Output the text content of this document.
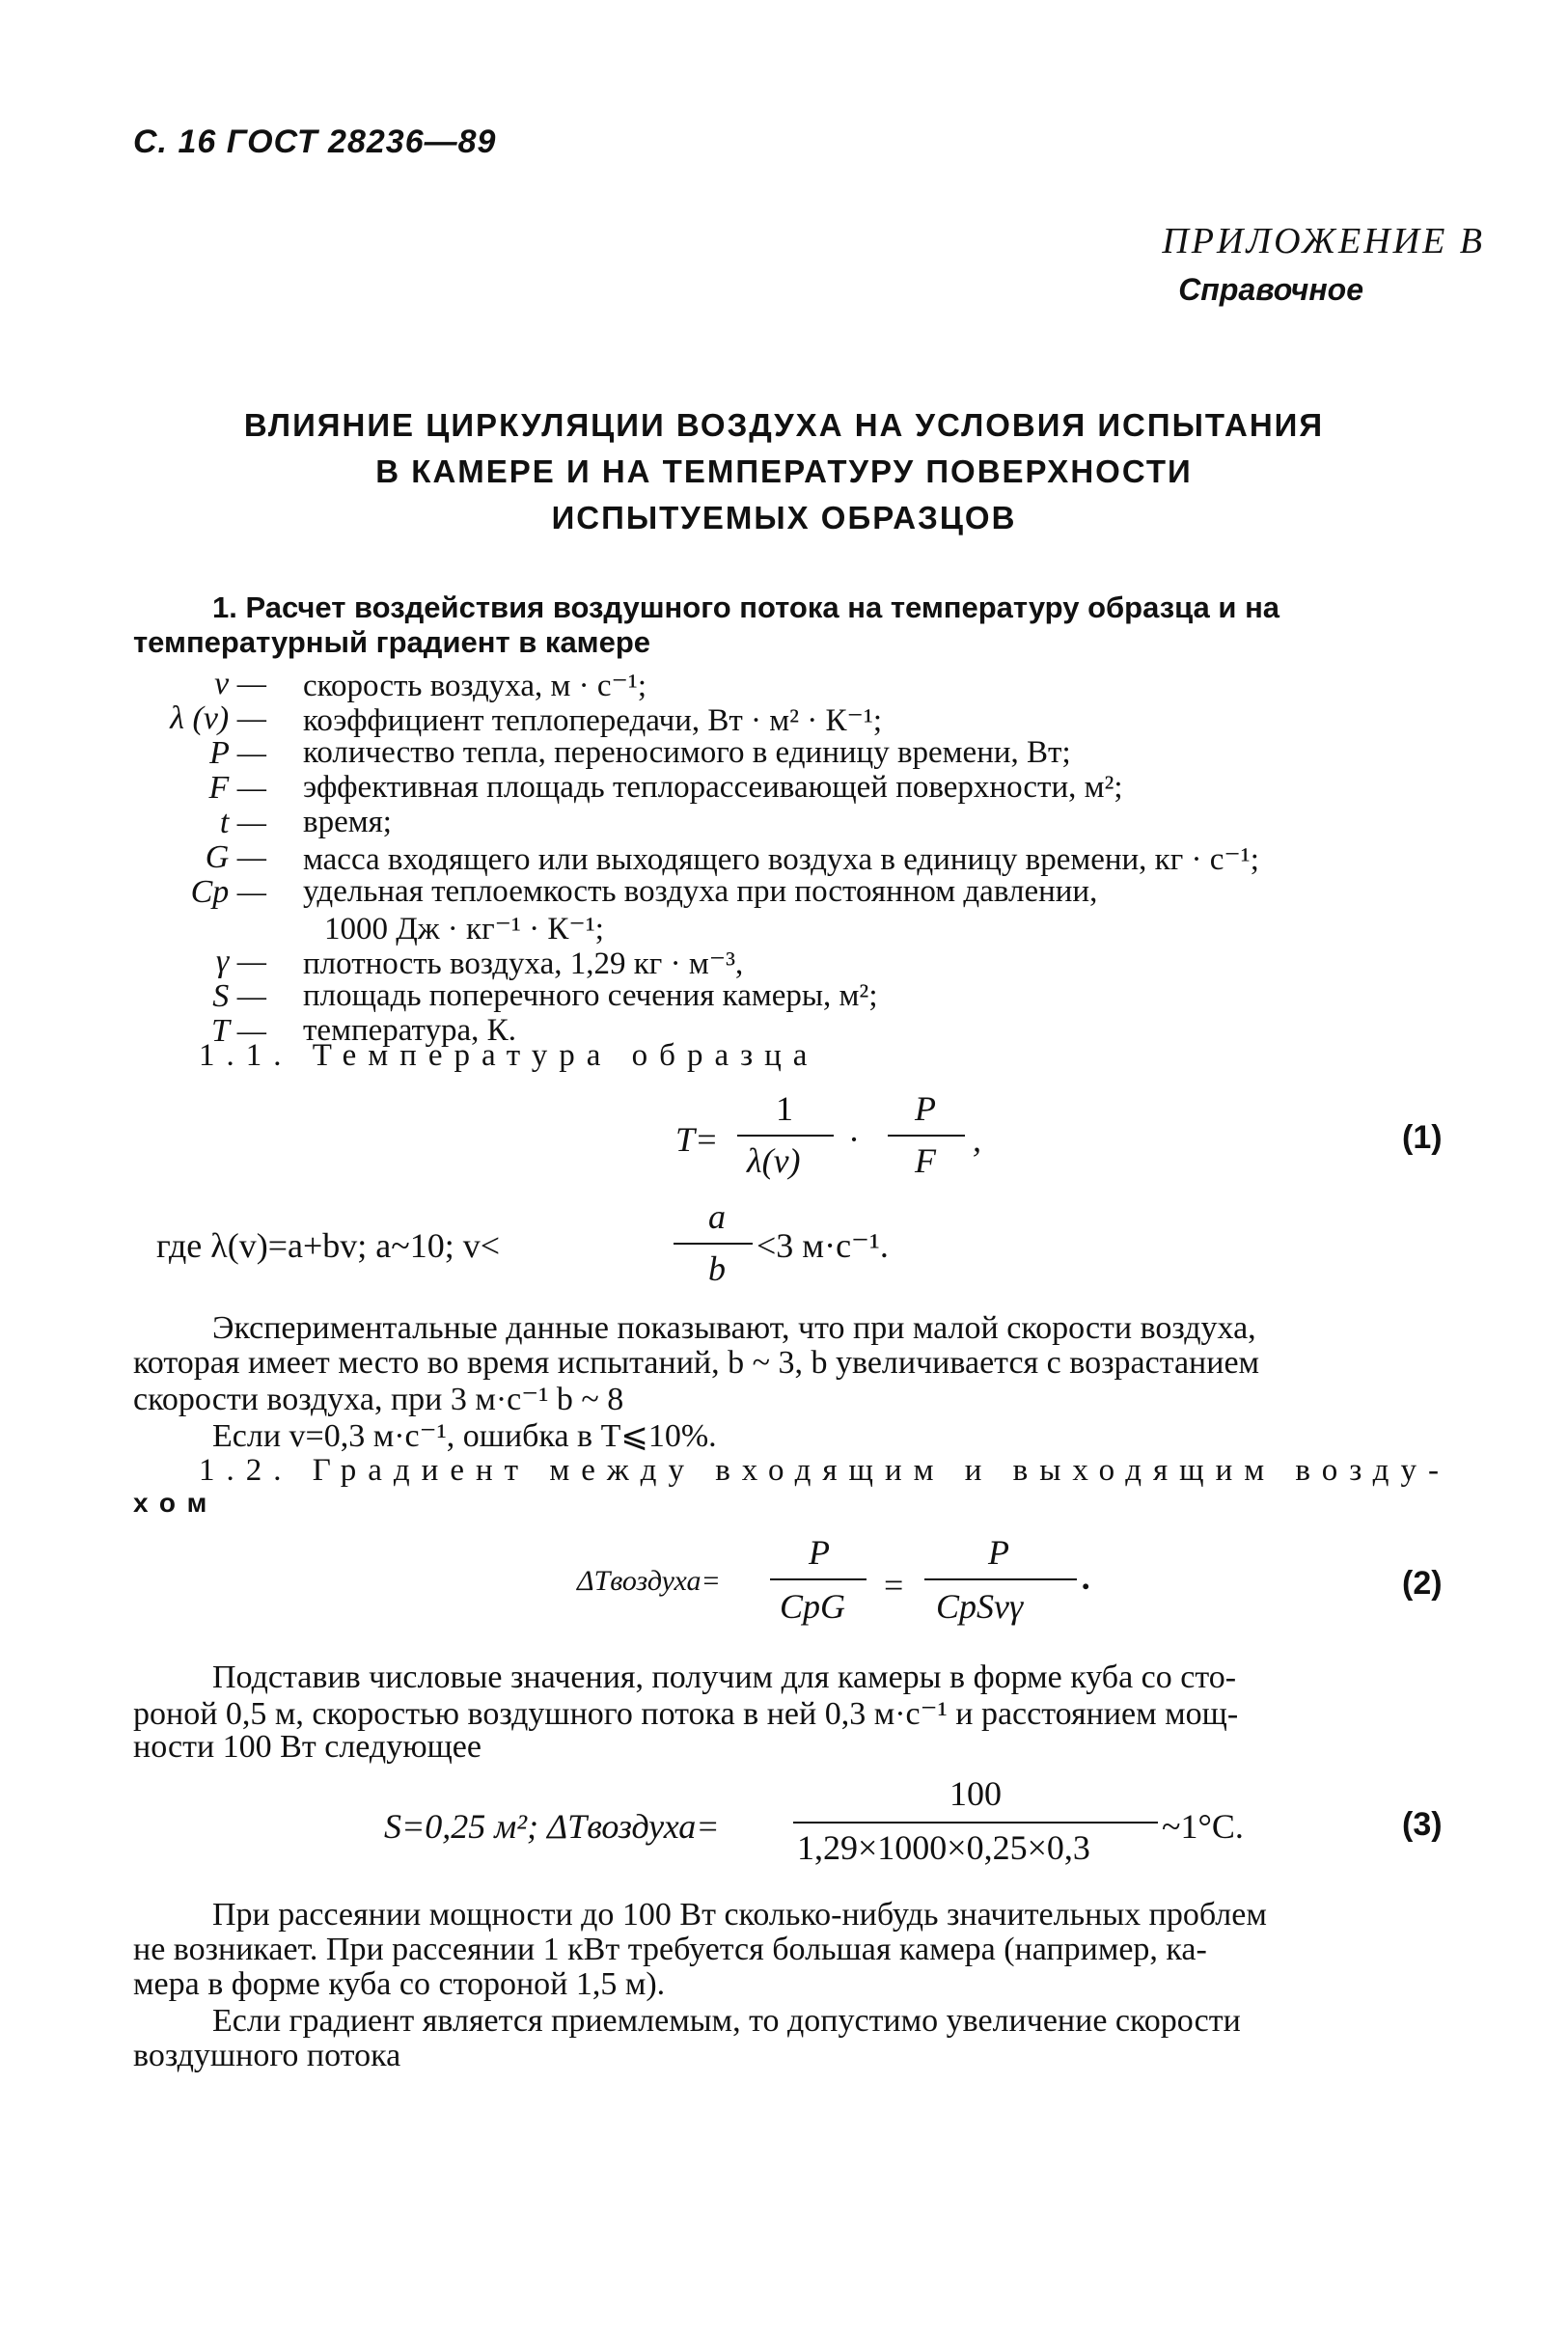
С. 16 ГОСТ 28236—89
ПРИЛОЖЕНИЕ В
Справочное
ВЛИЯНИЕ ЦИРКУЛЯЦИИ ВОЗДУХА НА УСЛОВИЯ ИСПЫТАНИЯ
В КАМЕРЕ И НА ТЕМПЕРАТУРУ ПОВЕРХНОСТИ
ИСПЫТУЕМЫХ ОБРАЗЦОВ
1. Расчет воздействия воздушного потока на температуру образца и на
температурный градиент в камере
v — скорость воздуха, м · с⁻¹;
λ (v) — коэффициент теплопередачи, Вт · м² · К⁻¹;
P — количество тепла, переносимого в единицу времени, Вт;
F — эффективная площадь теплорассеивающей поверхности, м²;
t — время;
G — масса входящего или выходящего воздуха в единицу времени, кг · с⁻¹;
Cp — удельная теплоемкость воздуха при постоянном давлении,
1000 Дж · кг⁻¹ · К⁻¹;
γ — плотность воздуха, 1,29 кг · м⁻³,
S — площадь поперечного сечения камеры, м²;
T — температура, К.
1.1. Температура образца
T=
1
λ(v)
·
P
F
,	(1)
где λ(v)=a+bv; a~10; v<
a
b
<3 м·с⁻¹.
Экспериментальные данные показывают, что при малой скорости воздуха,
которая имеет место во время испытаний, b ~ 3, b увеличивается с возрастанием
скорости воздуха, при 3 м·с⁻¹ b ~ 8
Если v=0,3 м·с⁻¹, ошибка в T⩽10%.
1.2. Градиент между входящим и выходящим возду-
хом
ΔTвоздуха=
P
CpG
=
P
CpSvγ
.	(2)
Подставив числовые значения, получим для камеры в форме куба со сто-
роной 0,5 м, скоростью воздушного потока в ней 0,3 м·с⁻¹ и расстоянием мощ-
ности 100 Вт следующее
S=0,25 м²; ΔTвоздуха=
100
1,29×1000×0,25×0,3
~1°C.	(3)
При рассеянии мощности до 100 Вт сколько-нибудь значительных проблем
не возникает. При рассеянии 1 кВт требуется большая камера (например, ка-
мера в форме куба со стороной 1,5 м).
Если градиент является приемлемым, то допустимо увеличение скорости
воздушного потока
